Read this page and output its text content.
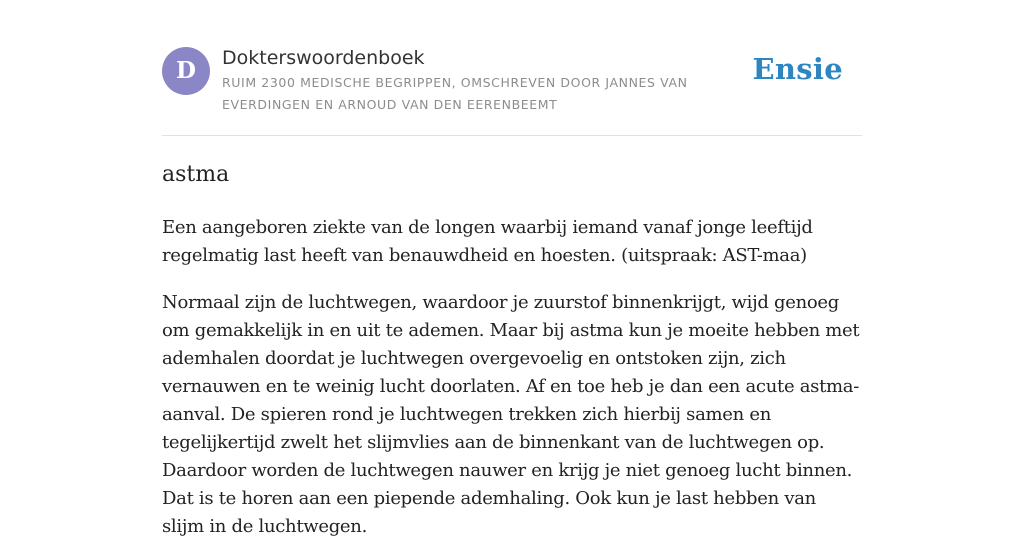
D	Dokterswoordenboek
RUIM 2300 MEDISCHE BEGRIPPEN, OMSCHREVEN DOOR JANNES VAN EVERDINGEN EN ARNOUD VAN DEN EERENBEEMT
Ensie
astma

Een aangeboren ziekte van de longen waarbij iemand vanaf jonge leeftijd regelmatig last heeft van benauwdheid en hoesten. (uitspraak: AST-maa)

Normaal zijn de luchtwegen, waardoor je zuurstof binnenkrijgt, wijd genoeg om gemakkelijk in en uit te ademen. Maar bij astma kun je moeite hebben met ademhalen doordat je luchtwegen overgevoelig en ontstoken zijn, zich vernauwen en te weinig lucht doorlaten. Af en toe heb je dan een acute astma-aanval. De spieren rond je luchtwegen trekken zich hierbij samen en tegelijkertijd zwelt het slijmvlies aan de binnenkant van de luchtwegen op. Daardoor worden de luchtwegen nauwer en krijg je niet genoeg lucht binnen. Dat is te horen aan een piepende ademhaling. Ook kun je last hebben van slijm in de luchtwegen.
